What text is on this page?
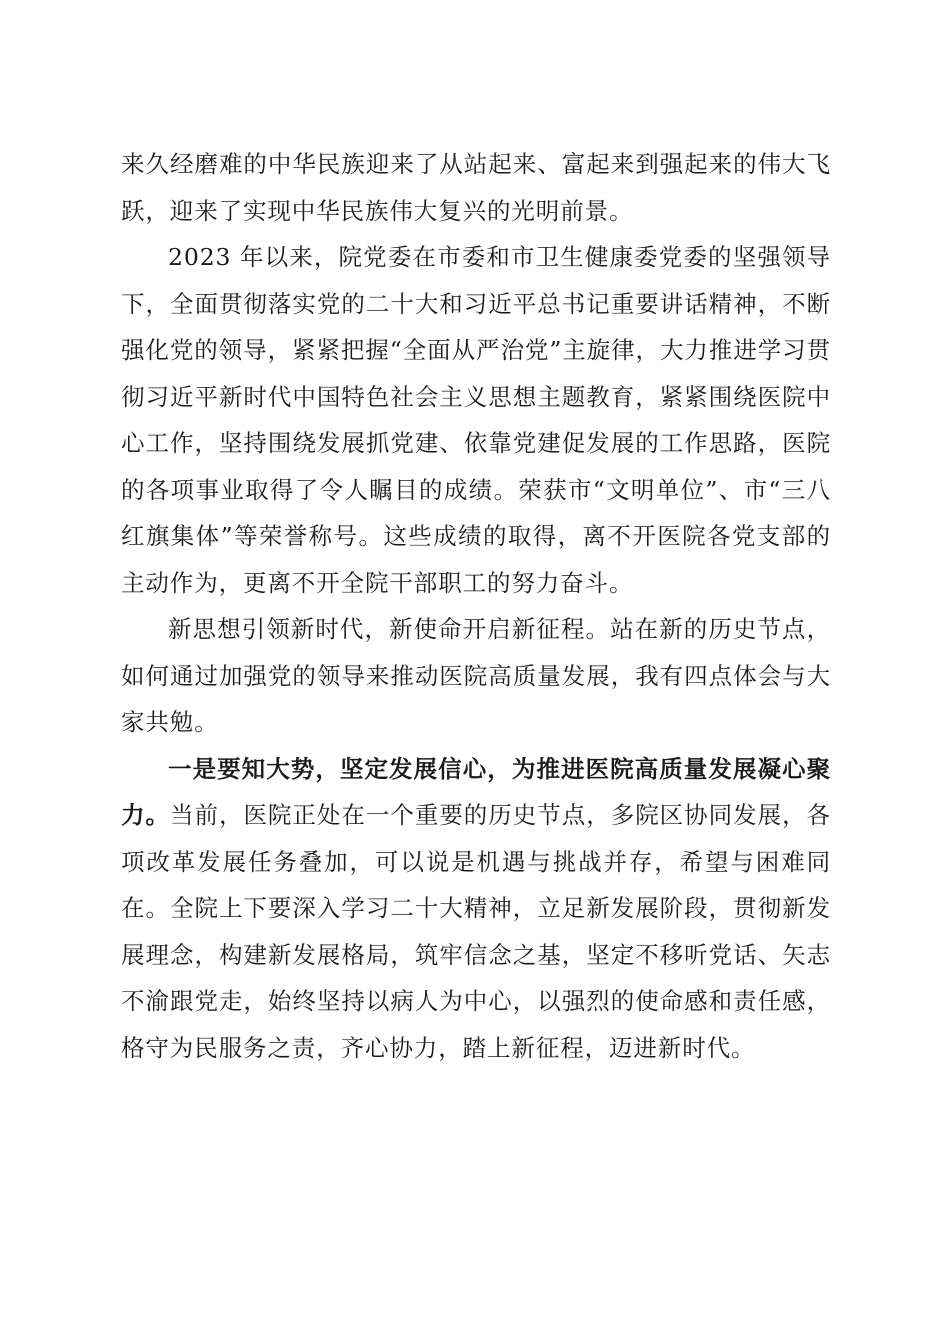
来久经磨难的中华民族迎来了从站起来、富起来到强起来的伟大飞跃，迎来了实现中华民族伟大复兴的光明前景。

2023 年以来，院党委在市委和市卫生健康委党委的坚强领导下，全面贯彻落实党的二十大和习近平总书记重要讲话精神，不断强化党的领导，紧紧把握“全面从严治党”主旋律，大力推进学习贯彻习近平新时代中国特色社会主义思想主题教育，紧紧围绕医院中心工作，坚持围绕发展抓党建、依靠党建促发展的工作思路，医院的各项事业取得了令人瞩目的成绩。荣获市“文明单位”、市“三八红旗集体”等荣誉称号。这些成绩的取得，离不开医院各党支部的主动作为，更离不开全院干部职工的努力奋斗。

新思想引领新时代，新使命开启新征程。站在新的历史节点，如何通过加强党的领导来推动医院高质量发展，我有四点体会与大家共勉。

一是要知大势，坚定发展信心，为推进医院高质量发展凝心聚力。当前，医院正处在一个重要的历史节点，多院区协同发展，各项改革发展任务叠加，可以说是机遇与挑战并存，希望与困难同在。全院上下要深入学习二十大精神，立足新发展阶段，贯彻新发展理念，构建新发展格局，筑牢信念之基，坚定不移听党话、矢志不渝跟党走，始终坚持以病人为中心，以强烈的使命感和责任感，格守为民服务之责，齐心协力，踏上新征程，迈进新时代。
